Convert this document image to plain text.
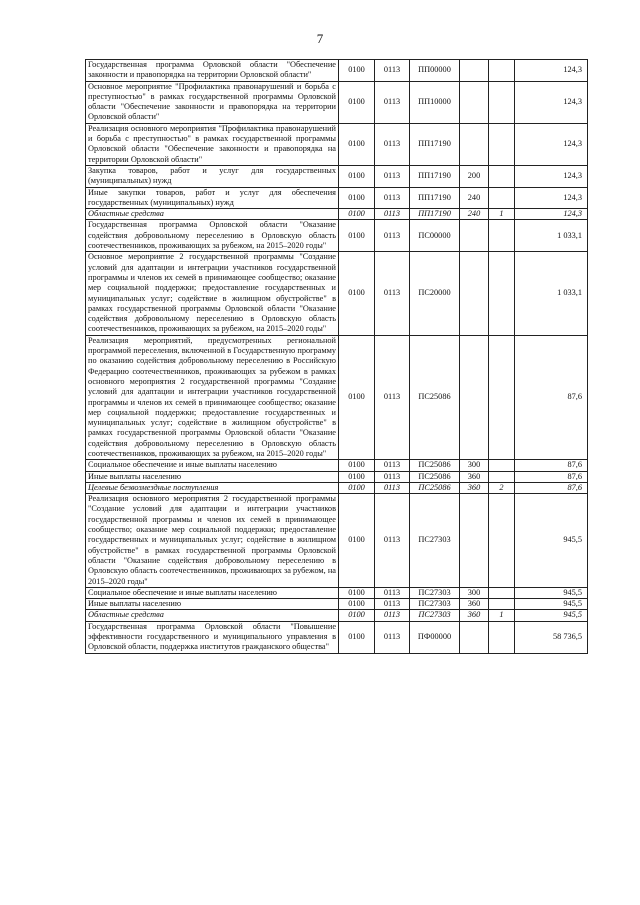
7
Государственная программа Орловской области "Обеспечение законности и правопорядка на территории Орловской области"	0100	0113	ПП00000			124,3
Основное мероприятие "Профилактика правонарушений и борьба с преступностью" в рамках государственной программы Орловской области "Обеспечение законности и правопорядка на территории Орловской области"	0100	0113	ПП10000			124,3
Реализация основного мероприятия "Профилактика правонарушений и борьба с преступностью" в рамках государственной программы Орловской области "Обеспечение законности и правопорядка на территории Орловской области"	0100	0113	ПП17190			124,3
Закупка товаров, работ и услуг для государственных (муниципальных) нужд	0100	0113	ПП17190	200		124,3
Иные закупки товаров, работ и услуг для обеспечения государственных (муниципальных) нужд	0100	0113	ПП17190	240		124,3
Областные средства	0100	0113	ПП17190	240	1	124,3
Государственная программа Орловской области "Оказание содействия добровольному переселению в Орловскую область соотечественников, проживающих за рубежом, на 2015–2020 годы"	0100	0113	ПС00000			1 033,1
Основное мероприятие 2 государственной программы "Создание условий для адаптации и интеграции участников государственной программы и членов их семей в принимающее сообщество; оказание мер социальной поддержки; предоставление государственных и муниципальных услуг; содействие в жилищном обустройстве" в рамках государственной программы Орловской области "Оказание содействия добровольному переселению в Орловскую область соотечественников, проживающих за рубежом, на 2015–2020 годы"	0100	0113	ПС20000			1 033,1
Реализация мероприятий, предусмотренных региональной программой переселения, включенной в Государственную программу по оказанию содействия добровольному переселению в Российскую Федерацию соотечественников, проживающих за рубежом в рамках основного мероприятия 2 государственной программы "Создание условий для адаптации и интеграции участников государственной программы и членов их семей в принимающее сообщество; оказание мер социальной поддержки; предоставление государственных и муниципальных услуг; содействие в жилищном обустройстве" в рамках государственной программы Орловской области "Оказание содействия добровольному переселению в Орловскую область соотечественников, проживающих за рубежом, на 2015–2020 годы"	0100	0113	ПС25086			87,6
Социальное обеспечение и иные выплаты населению	0100	0113	ПС25086	300		87,6
Иные выплаты населению	0100	0113	ПС25086	360		87,6
Целевые безвозмездные поступления	0100	0113	ПС25086	360	2	87,6
Реализация основного мероприятия 2 государственной программы "Создание условий для адаптации и интеграции участников государственной программы и членов их семей в принимающее сообщество; оказание мер социальной поддержки; предоставление государственных и муниципальных услуг; содействие в жилищном обустройстве" в рамках государственной программы Орловской области "Оказание содействия добровольному переселению в Орловскую область соотечественников, проживающих за рубежом, на 2015–2020 годы"	0100	0113	ПС27303			945,5
Социальное обеспечение и иные выплаты населению	0100	0113	ПС27303	300		945,5
Иные выплаты населению	0100	0113	ПС27303	360		945,5
Областные средства	0100	0113	ПС27303	360	1	945,5
Государственная программа Орловской области "Повышение эффективности государственного и муниципального управления в Орловской области, поддержка институтов гражданского общества"	0100	0113	ПФ00000			58 736,5
